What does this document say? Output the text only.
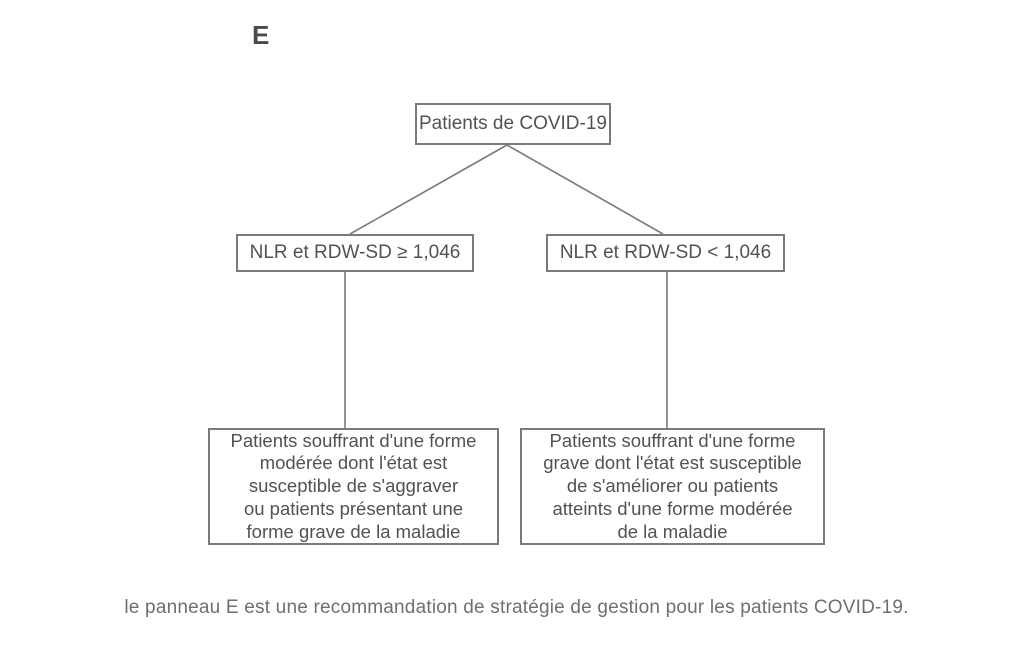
E
Patients de COVID-19
NLR et RDW-SD ≥ 1,046	NLR et RDW-SD < 1,046
Patients souffrant d'une forme
modérée dont l'état est
susceptible de s'aggraver
ou patients présentant une
forme grave de la maladie
Patients souffrant d'une forme
grave dont l'état est susceptible
de s'améliorer ou patients
atteints d'une forme modérée
de la maladie
le panneau E est une recommandation de stratégie de gestion pour les patients COVID-19.
